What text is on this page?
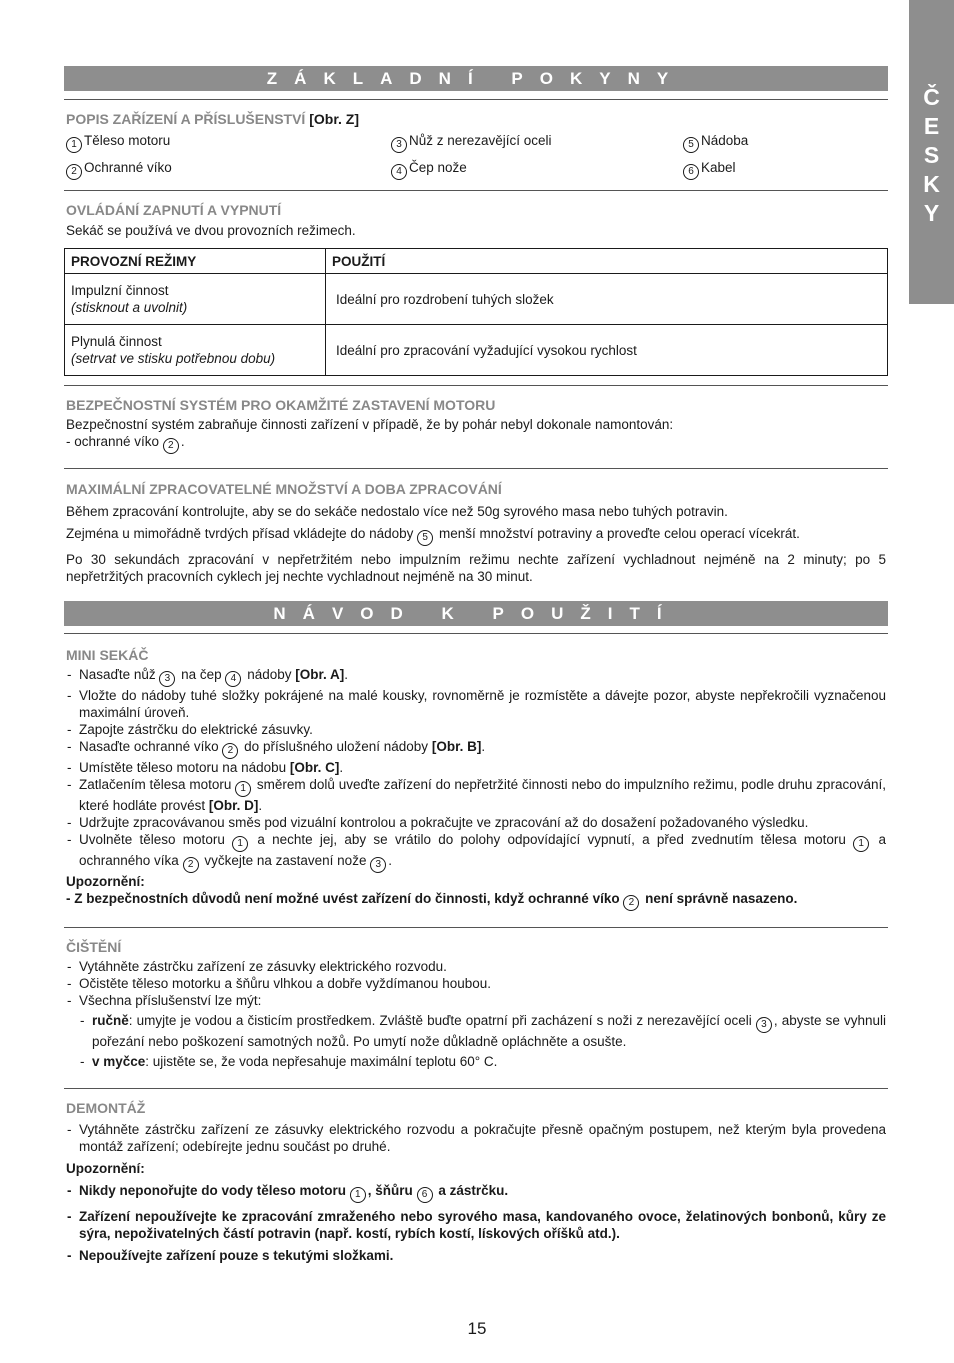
Č
E
S
K
Y
ZÁKLADNÍ POKYNY
POPIS ZAŘÍZENÍ A PŘÍSLUŠENSTVÍ [Obr. Z]
1 Těleso motoru	3 Nůž z nerezavějící oceli	5 Nádoba
2 Ochranné víko	4 Čep nože	6 Kabel
OVLÁDÁNÍ ZAPNUTÍ A VYPNUTÍ

Sekáč se používá ve dvou provozních režimech.

PROVOZNÍ REŽIMY	POUŽITÍ

Impulzní činnost
(stisknout a uvolnit)	Ideální pro rozdrobení tuhých složek

Plynulá činnost
(setrvat ve stisku potřebnou dobu)	Ideální pro zpracování vyžadující vysokou rychlost
BEZPEČNOSTNÍ SYSTÉM PRO OKAMŽITÉ ZASTAVENÍ MOTORU

Bezpečnostní systém zabraňuje činnosti zařízení v případě, že by pohár nebyl dokonale namontován:

- ochranné víko 2 .

MAXIMÁLNÍ ZPRACOVATELNÉ MNOŽSTVÍ A DOBA ZPRACOVÁNÍ

Během zpracování kontrolujte, aby se do sekáče nedostalo více než 50g syrového masa nebo tuhých potravin.

Zejména u mimořádně tvrdých přísad vkládejte do nádoby 5 menší množství potraviny a proveďte celou operací vícekrát.

Po 30 sekundách zpracování v nepřetržitém nebo impulzním režimu nechte zařízení vychladnout nejméně na 2 minuty; po 5 nepřetržitých pracovních cyklech jej nechte vychladnout nejméně na 30 minut.

NÁVOD K POUŽITÍ
MINI SEKÁČ
- Nasaďte nůž 3 na čep 4 nádoby [Obr. A].
- Vložte do nádoby tuhé složky pokrájené na malé kousky, rovnoměrně je rozmístěte a dávejte pozor, abyste nepřekročili vyznačenou maximální úroveň.
- Zapojte zástrčku do elektrické zásuvky.
- Nasaďte ochranné víko 2 do příslušného uložení nádoby [Obr. B].
- Umístěte těleso motoru na nádobu [Obr. C].
- Zatlačením tělesa motoru 1 směrem dolů uveďte zařízení do nepřetržité činnosti nebo do impulzního režimu, podle druhu zpracování, které hodláte provést [Obr. D].
- Udržujte zpracovávanou směs pod vizuální kontrolou a pokračujte ve zpracování až do dosažení požadovaného výsledku.
- Uvolněte těleso motoru 1 a nechte jej, aby se vrátilo do polohy odpovídající vypnutí, a před zvednutím tělesa motoru 1 a ochranného víka 2 vyčkejte na zastavení nože 3 .
Upozornění:
- Z bezpečnostních důvodů není možné uvést zařízení do činnosti, když ochranné víko 2 není správně nasazeno.
ČIŠTĚNÍ
- Vytáhněte zástrčku zařízení ze zásuvky elektrického rozvodu.
- Očistěte těleso motorku a šňůru vlhkou a dobře vyždímanou houbou.
- Všechna příslušenství lze mýt:
- ručně: umyjte je vodou a čisticím prostředkem. Zvláště buďte opatrní při zacházení s noži z nerezavějící oceli 3 , abyste se vyhnuli pořezání nebo poškození samotných nožů. Po umytí nože důkladně opláchněte a osušte.
- v myčce: ujistěte se, že voda nepřesahuje maximální teplotu 60° C.
DEMONTÁŽ
- Vytáhněte zástrčku zařízení ze zásuvky elektrického rozvodu a pokračujte přesně opačným postupem, než kterým byla provedena montáž zařízení; odebírejte jednu součást po druhé.
Upozornění:
- Nikdy neponořujte do vody těleso motoru 1 , šňůru 6 a zástrčku.
- Zařízení nepoužívejte ke zpracování zmraženého nebo syrového masa, kandovaného ovoce, želatinových bonbonů, kůry ze sýra, nepoživatelných částí potravin (např. kostí, rybích kostí, lískových oříšků atd.).
- Nepoužívejte zařízení pouze s tekutými složkami.
15
